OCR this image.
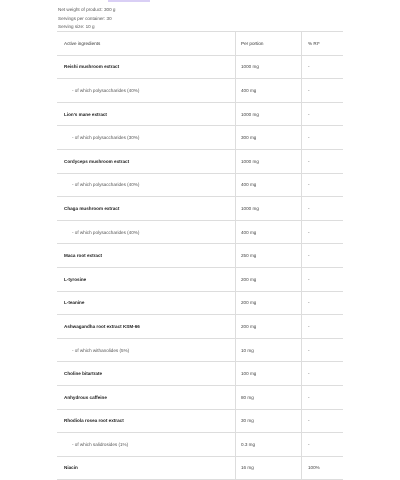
Net weight of product: 300 g
Servings per container: 30
Serving size: 10 g
Active ingredients	Per portion	% RI*
Reishi mushroom extract	1000 mg	-
- of which polysaccharides (40%)	400 mg	-
Lion's mane extract	1000 mg	-
- of which polysaccharides (30%)	300 mg	-
Cordyceps mushroom extract	1000 mg	-
- of which polysaccharides (40%)	400 mg	-
Chaga mushroom extract	1000 mg	-
- of which polysaccharides (40%)	400 mg	-
Maca root extract	250 mg	-
L-tyrosine	200 mg	-
L-teanine	200 mg	-
Ashwagandha root extract KSM-66	200 mg	-
- of which withanolides (5%)	10 mg	-
Choline bitartrate	100 mg	-
Anhydrous caffeine	80 mg	-
Rhodiola rosea root extract	30 mg	-
- of which salidrosides (1%)	0.3 mg	-
Niacin	16 mg	100%
